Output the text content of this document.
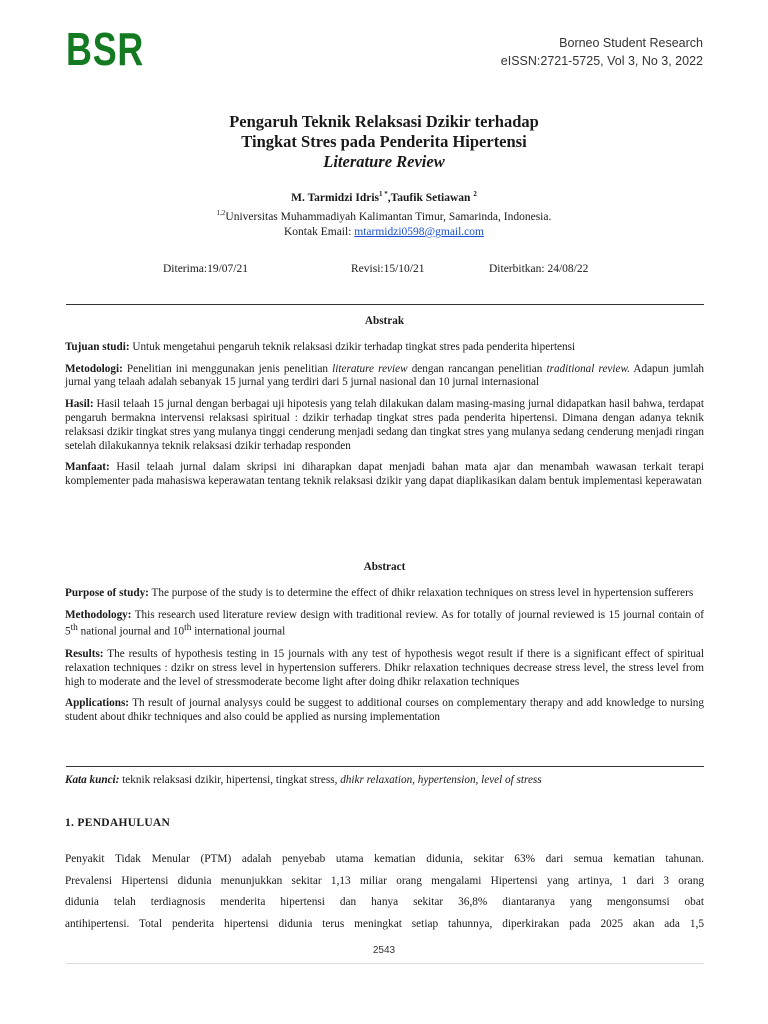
BSR	Borneo Student Research
eISSN:2721-5725, Vol 3, No 3, 2022
Pengaruh Teknik Relaksasi Dzikir terhadap
Tingkat Stres pada Penderita Hipertensi
Literature Review
M. Tarmidzi Idris$^{1 *}$,Taufik Setiawan $^2$
$^{1,2}$Universitas Muhammadiyah Kalimantan Timur, Samarinda, Indonesia.
Kontak Email: mtarmidzi0598@gmail.com
Diterima:19/07/21	Revisi:15/10/21	Diterbitkan: 24/08/22

Abstrak

Tujuan studi: Untuk mengetahui pengaruh teknik relaksasi dzikir terhadap tingkat stres pada penderita hipertensi

Metodologi: Penelitian ini menggunakan jenis penelitian literature review dengan rancangan penelitian traditional review. Adapun jumlah jurnal yang telaah adalah sebanyak 15 jurnal yang terdiri dari 5 jurnal nasional dan 10 jurnal internasional

Hasil: Hasil telaah 15 jurnal dengan berbagai uji hipotesis yang telah dilakukan dalam masing-masing jurnal didapatkan hasil bahwa, terdapat pengaruh bermakna intervensi relaksasi spiritual : dzikir terhadap tingkat stres pada penderita hipertensi. Dimana dengan adanya teknik relaksasi dzikir tingkat stres yang mulanya tinggi cenderung menjadi sedang dan tingkat stres yang mulanya sedang cenderung menjadi ringan setelah dilakukannya teknik relaksasi dzikir terhadap responden

Manfaat: Hasil telaah jurnal dalam skripsi ini diharapkan dapat menjadi bahan mata ajar dan menambah wawasan terkait terapi komplementer pada mahasiswa keperawatan tentang teknik relaksasi dzikir yang dapat diaplikasikan dalam bentuk implementasi keperawatan

Abstract

Purpose of study: The purpose of the study is to determine the effect of dhikr relaxation techniques on stress level in hypertension sufferers

Methodology: This research used literature review design with traditional review. As for totally of journal reviewed is 15 journal contain of 5th national journal and 10th international journal

Results: The results of hypothesis testing in 15 journals with any test of hypothesis wegot result if there is a significant effect of spiritual relaxation techniques : dzikr on stress level in hypertension sufferers. Dhikr relaxation techniques decrease stress level, the stress level from high to moderate and the level of stressmoderate become light after doing dhikr relaxation techniques

Applications: Th result of journal analysys could be suggest to additional courses on complementary therapy and add knowledge to nursing student about dhikr techniques and also could be applied as nursing implementation

Kata kunci: teknik relaksasi dzikir, hipertensi, tingkat stress, dhikr relaxation, hypertension, level of stress
1. PENDAHULUAN
Penyakit Tidak Menular (PTM) adalah penyebab utama kematian didunia, sekitar 63% dari semua kematian tahunan.
Prevalensi Hipertensi didunia menunjukkan sekitar 1,13 miliar orang mengalami Hipertensi yang artinya, 1 dari 3 orang
didunia telah terdiagnosis menderita hipertensi dan hanya sekitar 36,8% diantaranya yang mengonsumsi obat
antihipertensi. Total penderita hipertensi didunia terus meningkat setiap tahunnya, diperkirakan pada 2025 akan ada 1,5
2543
